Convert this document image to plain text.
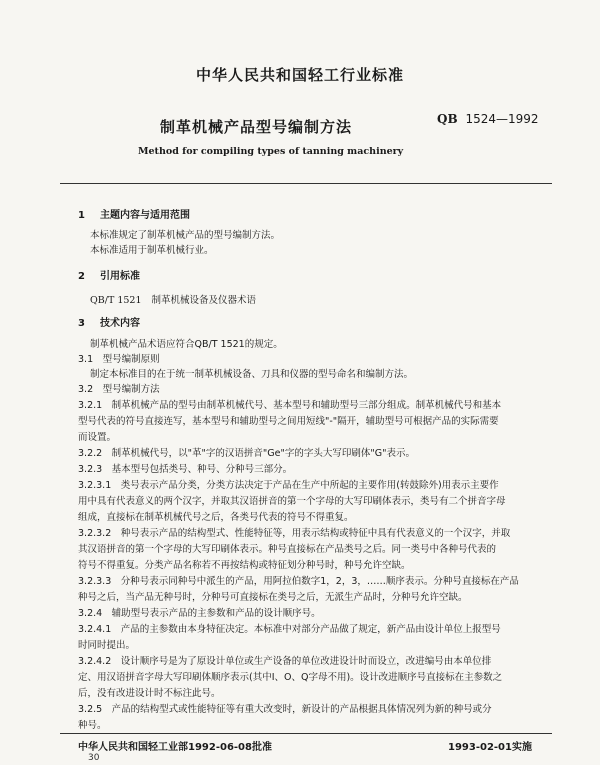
中华人民共和国轻工行业标准
制革机械产品型号编制方法	QB 1524—1992
Method for compiling types of tanning machinery
1 主题内容与适用范围
本标准规定了制革机械产品的型号编制方法。
本标准适用于制革机械行业。
2 引用标准
QB/T 1521 制革机械设备及仪器术语
3 技术内容
制革机械产品术语应符合QB/T 1521的规定。
3.1　型号编制原则
制定本标准目的在于统一制革机械设备、刀具和仪器的型号命名和编制方法。
3.2　型号编制方法
3.2.1　制革机械产品的型号由制革机械代号、基本型号和辅助型号三部分组成。制革机械代号和基本
型号代表的符号直接连写，基本型号和辅助型号之间用短线"-"隔开，辅助型号可根据产品的实际需要
而设置。
3.2.2　制革机械代号，以"革"字的汉语拼音"Ge"字的字头大写印刷体"G"表示。
3.2.3　基本型号包括类号、种号、分种号三部分。
3.2.3.1　类号表示产品分类，分类方法决定于产品在生产中所起的主要作用(转鼓除外)用表示主要作
用中具有代表意义的两个汉字，并取其汉语拼音的第一个字母的大写印刷体表示，类号有二个拼音字母
组成，直接标在制革机械代号之后，各类号代表的符号不得重复。
3.2.3.2　种号表示产品的结构型式、性能特征等，用表示结构或特征中具有代表意义的一个汉字，并取
其汉语拼音的第一个字母的大写印刷体表示。种号直接标在产品类号之后。同一类号中各种号代表的
符号不得重复。分类产品名称若不再按结构或特征划分种号时，种号允许空缺。
3.2.3.3　分种号表示同种号中派生的产品，用阿拉伯数字1，2，3，……顺序表示。分种号直接标在产品
种号之后，当产品无种号时，分种号可直接标在类号之后，无派生产品时，分种号允许空缺。
3.2.4　辅助型号表示产品的主参数和产品的设计顺序号。
3.2.4.1　产品的主参数由本身特征决定。本标准中对部分产品做了规定，新产品由设计单位上报型号
时同时提出。
3.2.4.2　设计顺序号是为了原设计单位或生产设备的单位改进设计时而设立，改进编号由本单位排
定、用汉语拼音字母大写印刷体顺序表示(其中I、O、Q字母不用)。设计改进顺序号直接标在主参数之
后，没有改进设计时不标注此号。
3.2.5　产品的结构型式或性能特征等有重大改变时，新设计的产品根据具体情况列为新的种号或分
种号。
中华人民共和国轻工业部1992-06-08批准	1993-02-01实施
30
